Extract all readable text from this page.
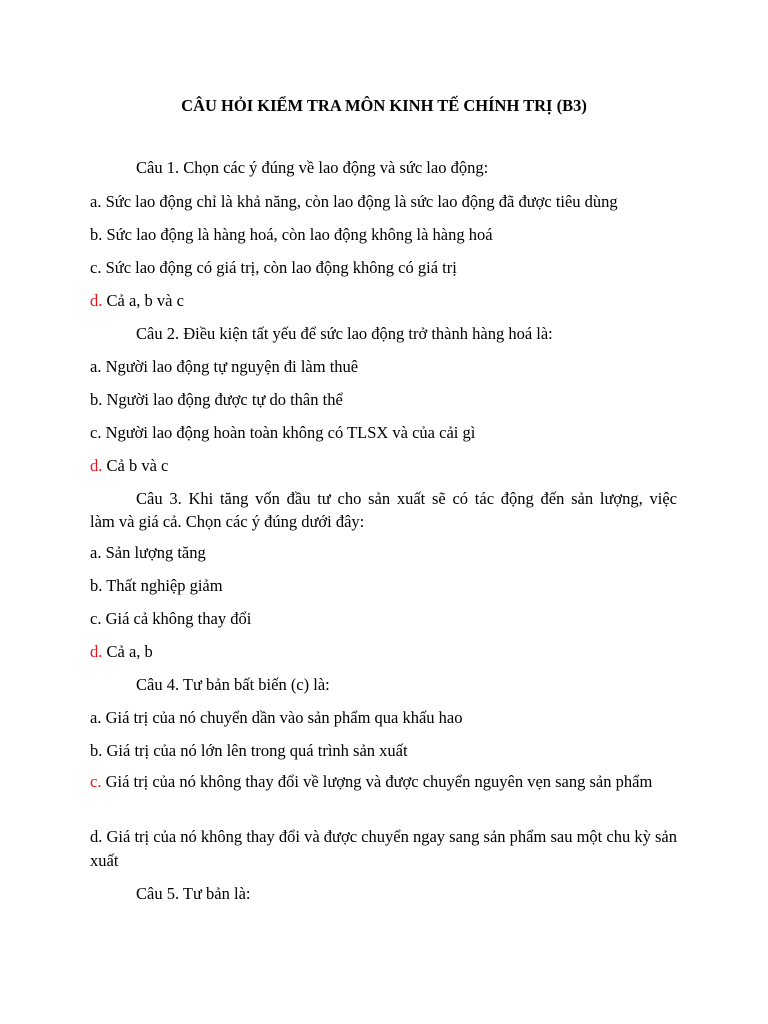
CÂU HỎI KIỂM TRA MÔN KINH TẾ CHÍNH TRỊ (B3)
Câu 1. Chọn các ý đúng về lao động và sức lao động:
a. Sức lao động chỉ là khả năng, còn lao động là sức lao động đã được tiêu dùng
b. Sức lao động là hàng hoá, còn lao động không là hàng hoá
c. Sức lao động có giá trị, còn lao động không có giá trị
d. Cả a, b và c
Câu 2. Điều kiện tất yếu để sức lao động trở thành hàng hoá là:
a. Người lao động tự nguyện đi làm thuê
b. Người lao động được tự do thân thể
c. Người lao động hoàn toàn không có TLSX và của cải gì
d. Cả b và c
Câu 3. Khi tăng vốn đầu tư cho sản xuất sẽ có tác động đến sản lượng, việc
làm và giá cả. Chọn các ý đúng dưới đây:
a. Sản lượng tăng
b. Thất nghiệp giảm
c. Giá cả không thay đổi
d. Cả a, b
Câu 4. Tư bản bất biến (c) là:
a. Giá trị của nó chuyển dần vào sản phẩm qua khấu hao
b. Giá trị của nó lớn lên trong quá trình sản xuất
c. Giá trị của nó không thay đổi về lượng và được chuyển nguyên vẹn sang sản phẩm
d. Giá trị của nó không thay đổi và được chuyển ngay sang sản phẩm sau một chu kỳ sản xuất
Câu 5. Tư bản là:
